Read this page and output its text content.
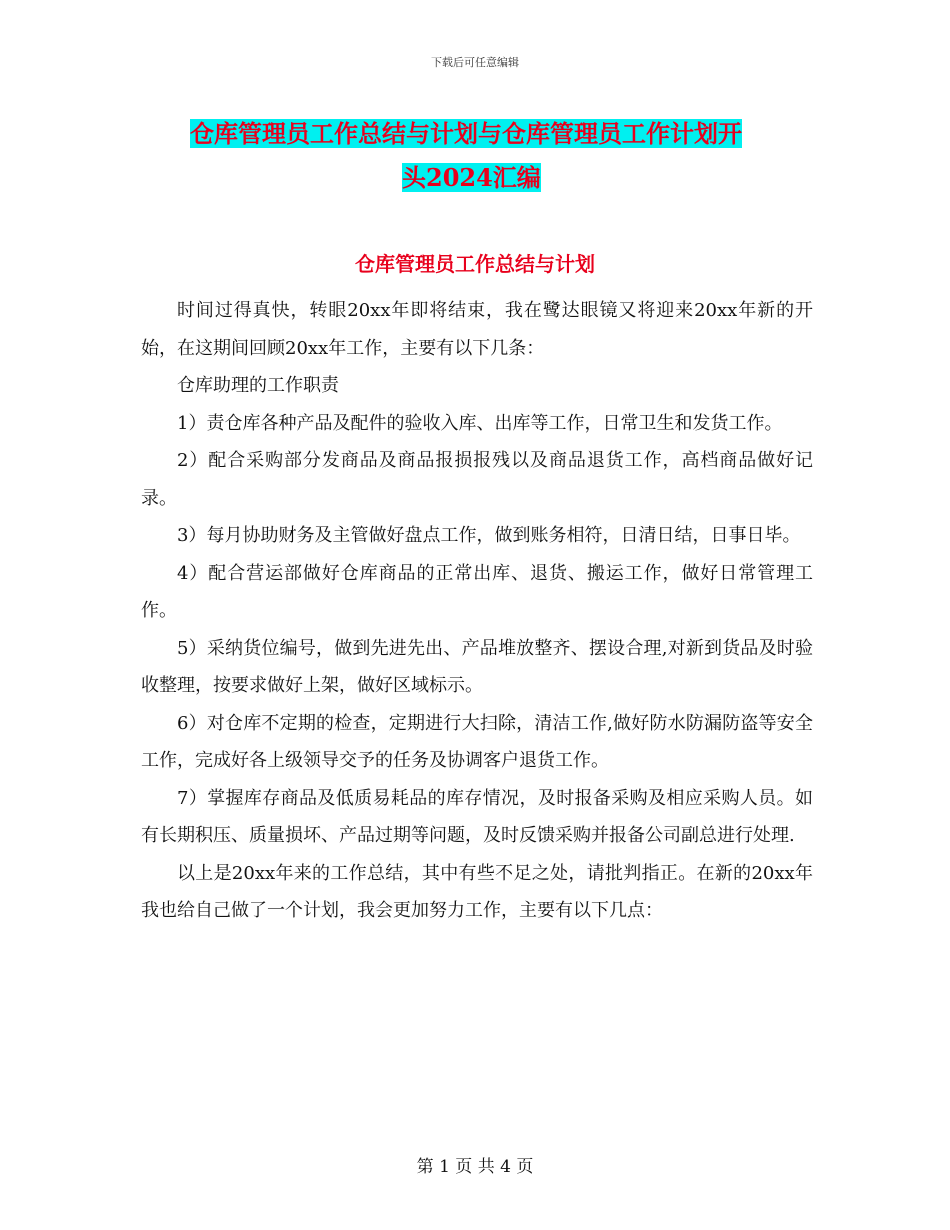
下载后可任意编辑
仓库管理员工作总结与计划与仓库管理员工作计划开
头2024汇编
仓库管理员工作总结与计划

时间过得真快，转眼20xx年即将结束，我在鹭达眼镜又将迎来20xx年新的开始，在这期间回顾20xx年工作，主要有以下几条：

仓库助理的工作职责

1）责仓库各种产品及配件的验收入库、出库等工作，日常卫生和发货工作。

2）配合采购部分发商品及商品报损报残以及商品退货工作，高档商品做好记录。

3）每月协助财务及主管做好盘点工作，做到账务相符，日清日结，日事日毕。

4）配合营运部做好仓库商品的正常出库、退货、搬运工作，做好日常管理工作。

5）采纳货位编号，做到先进先出、产品堆放整齐、摆设合理,对新到货品及时验收整理，按要求做好上架，做好区域标示。

6）对仓库不定期的检查，定期进行大扫除，清洁工作,做好防水防漏防盗等安全工作，完成好各上级领导交予的任务及协调客户退货工作。

7）掌握库存商品及低质易耗品的库存情况，及时报备采购及相应采购人员。如有长期积压、质量损坏、产品过期等问题，及时反馈采购并报备公司副总进行处理.

以上是20xx年来的工作总结，其中有些不足之处，请批判指正。在新的20xx年我也给自己做了一个计划，我会更加努力工作，主要有以下几点：

第 1 页 共 4 页
